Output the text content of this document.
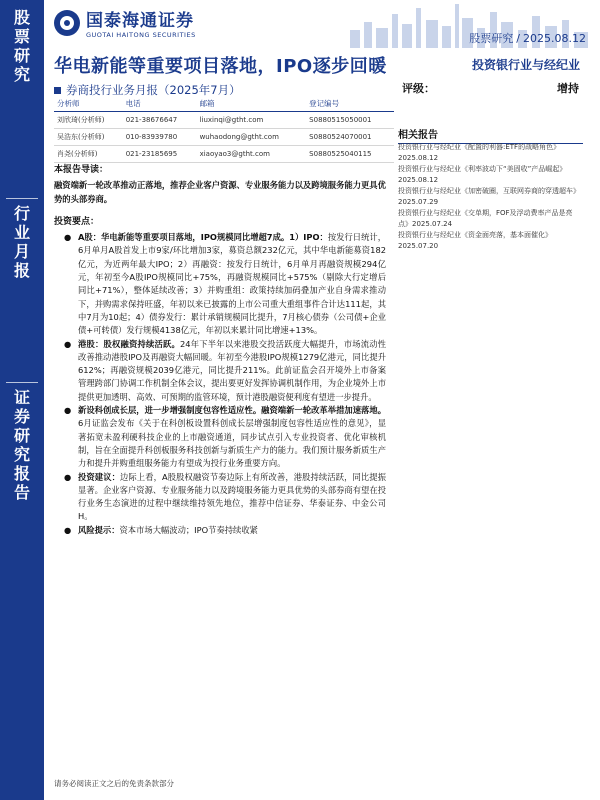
股
票
研
究
行
业
月
报
证
券
研
究
报
告
国泰海通证券
GUOTAI HAITONG SECURITIES	股票研究 / 2025.08.12
华电新能等重要项目落地，IPO逐步回暖	投资银行业与经纪业
券商投行业务月报（2025年7月）
分析师	电话	邮箱	登记编号
刘欣琦(分析师)	021-38676647	liuxinqi@gtht.com	S0880515050001
吴浩东(分析师)	010-83939780	wuhaodong@gtht.com	S0880524070001
肖尧(分析师)	021-23185695	xiaoyao3@gtht.com	S0880525040115
评级：	增持
相关报告
投资银行业与经纪业《配置的利器:ETF的战略角色》2025.08.12
投资银行业与经纪业《利率波动下“美固收”产品崛起》2025.08.12
投资银行业与经纪业《加密破圈，互联网券商的穿透超车》2025.07.29
投资银行业与经纪业《交单期，FOF及浮动费率产品是亮点》2025.07.24
投资银行业与经纪业《资金面亮落，基本面催化》2025.07.20
本报告导读：
融资端新一轮改革推动正落地，推荐企业客户资源、专业服务能力以及跨境服务能力更具优势的头部券商。
投资要点：
● A股：华电新能等重要项目落地，IPO规模同比增超7成。1）IPO：按发行日统计，6月单月A股首发上市9家/环比增加3家，募资总额232亿元，其中华电新能募资182亿元，为近两年最大IPO；2）再融资：按发行日统计，6月单月再融资规模294亿元，年初至今A股IPO规模同比+75%，再融资规模同比+575%（剔除大行定增后同比+71%），整体延续改善；3）并购重组：政策持续加码叠加产业自身需求推动下，并购需求保持旺盛，年初以来已披露的上市公司重大重组事件合计达111起，其中7月为10起；4）债券发行：累计承销规模同比提升，7月核心债券（公司债+企业债+可转债）发行规模4138亿元，年初以来累计同比增速+13%。
● 港股：股权融资持续活跃。24年下半年以来港股交投活跃度大幅提升，市场流动性改善推动港股IPO及再融资大幅回暖。年初至今港股IPO规模1279亿港元，同比提升612%；再融资规模2039亿港元，同比提升211%。此前证监会召开境外上市备案管理跨部门协调工作机制全体会议，提出要更好发挥协调机制作用，为企业境外上市提供更加透明、高效、可预期的监管环境，预计港股融资便利度有望进一步提升。
● 新设科创成长层，进一步增强制度包容性适应性。融资端新一轮改革举措加速落地。6月证监会发布《关于在科创板设置科创成长层增强制度包容性适应性的意见》，显著拓宽未盈利硬科技企业的上市融资通道，同步试点引入专业投资者、优化审核机制，旨在全面提升科创板服务科技创新与新质生产力的能力。我们预计服务新质生产力和提升并购重组服务能力有望成为投行业务重要方向。
● 投资建议：边际上看，A股股权融资节奏边际上有所改善，港股持续活跃，同比提振显著。企业客户资源、专业服务能力以及跨境服务能力更具优势的头部券商有望在投行业务生态演进的过程中继续维持领先地位，推荐中信证券、华泰证券、中金公司H。
● 风险提示：资本市场大幅波动；IPO节奏持续收紧
请务必阅读正文之后的免责条款部分
